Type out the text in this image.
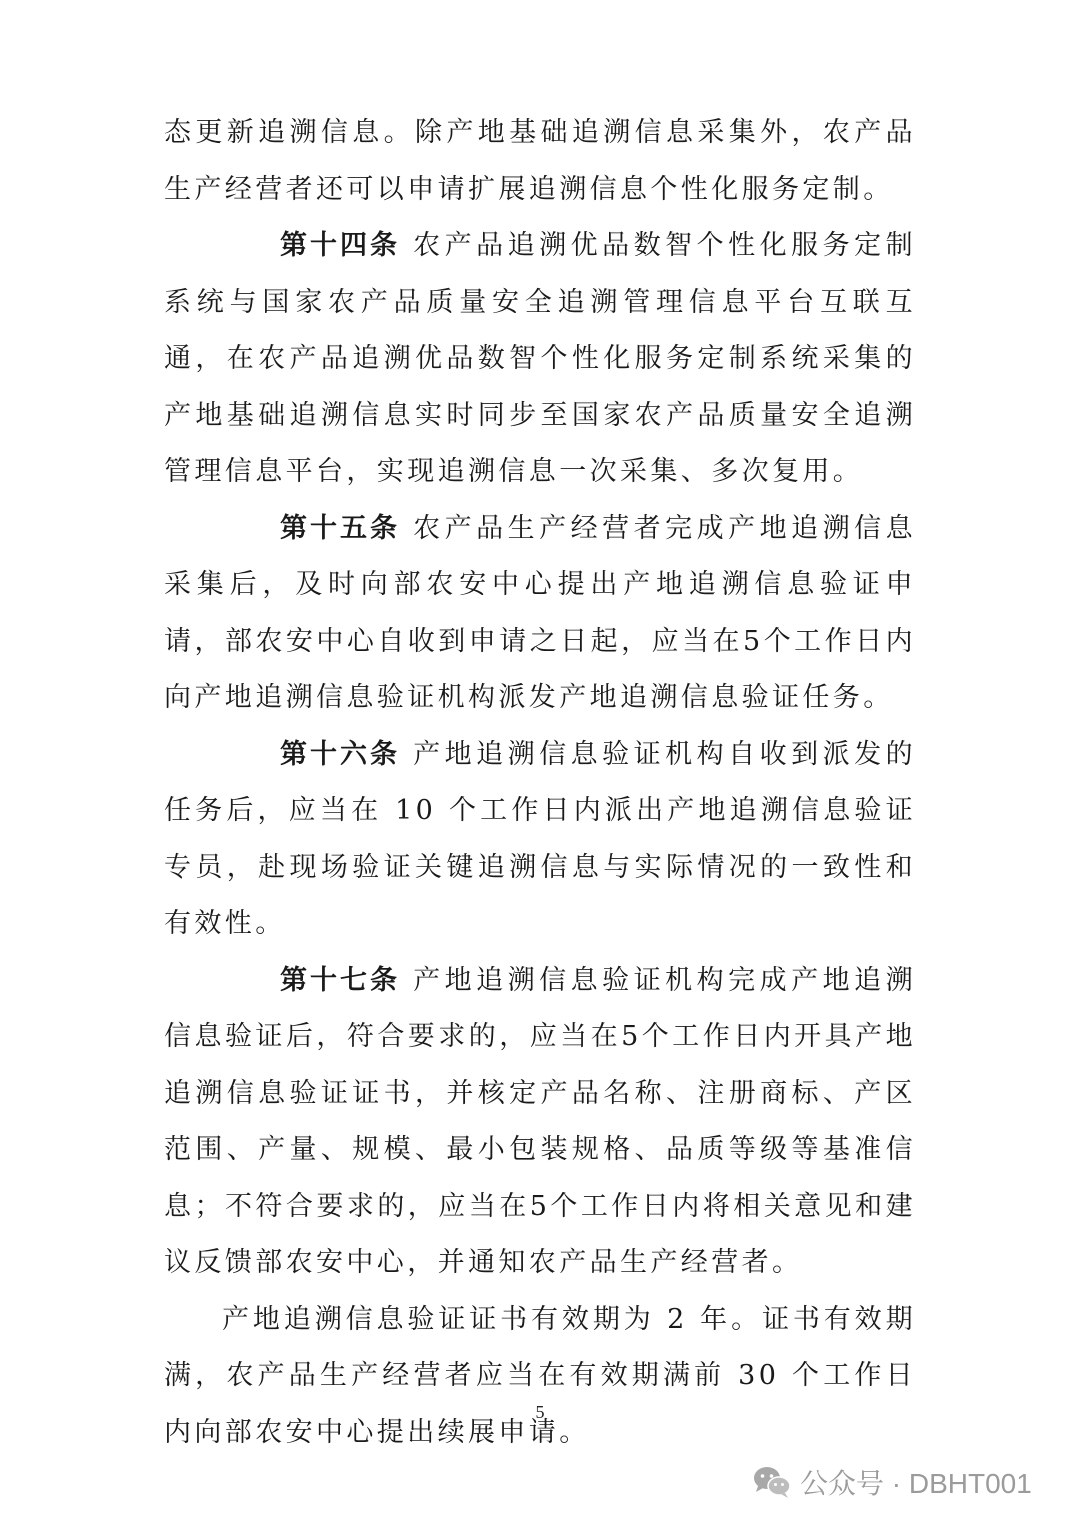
态更新追溯信息。除产地基础追溯信息采集外，农产品生产经营者还可以申请扩展追溯信息个性化服务定制。

第十四条 农产品追溯优品数智个性化服务定制系统与国家农产品质量安全追溯管理信息平台互联互通，在农产品追溯优品数智个性化服务定制系统采集的产地基础追溯信息实时同步至国家农产品质量安全追溯管理信息平台，实现追溯信息一次采集、多次复用。

第十五条 农产品生产经营者完成产地追溯信息采集后，及时向部农安中心提出产地追溯信息验证申请，部农安中心自收到申请之日起，应当在5个工作日内向产地追溯信息验证机构派发产地追溯信息验证任务。

第十六条 产地追溯信息验证机构自收到派发的任务后，应当在 10 个工作日内派出产地追溯信息验证专员，赴现场验证关键追溯信息与实际情况的一致性和有效性。

第十七条 产地追溯信息验证机构完成产地追溯信息验证后，符合要求的，应当在5个工作日内开具产地追溯信息验证证书，并核定产品名称、注册商标、产区范围、产量、规模、最小包装规格、品质等级等基准信息；不符合要求的，应当在5个工作日内将相关意见和建议反馈部农安中心，并通知农产品生产经营者。

产地追溯信息验证证书有效期为 2 年。证书有效期满，农产品生产经营者应当在有效期满前 30 个工作日内向部农安中心提出续展申请。

5
公众号 · DBHT001
